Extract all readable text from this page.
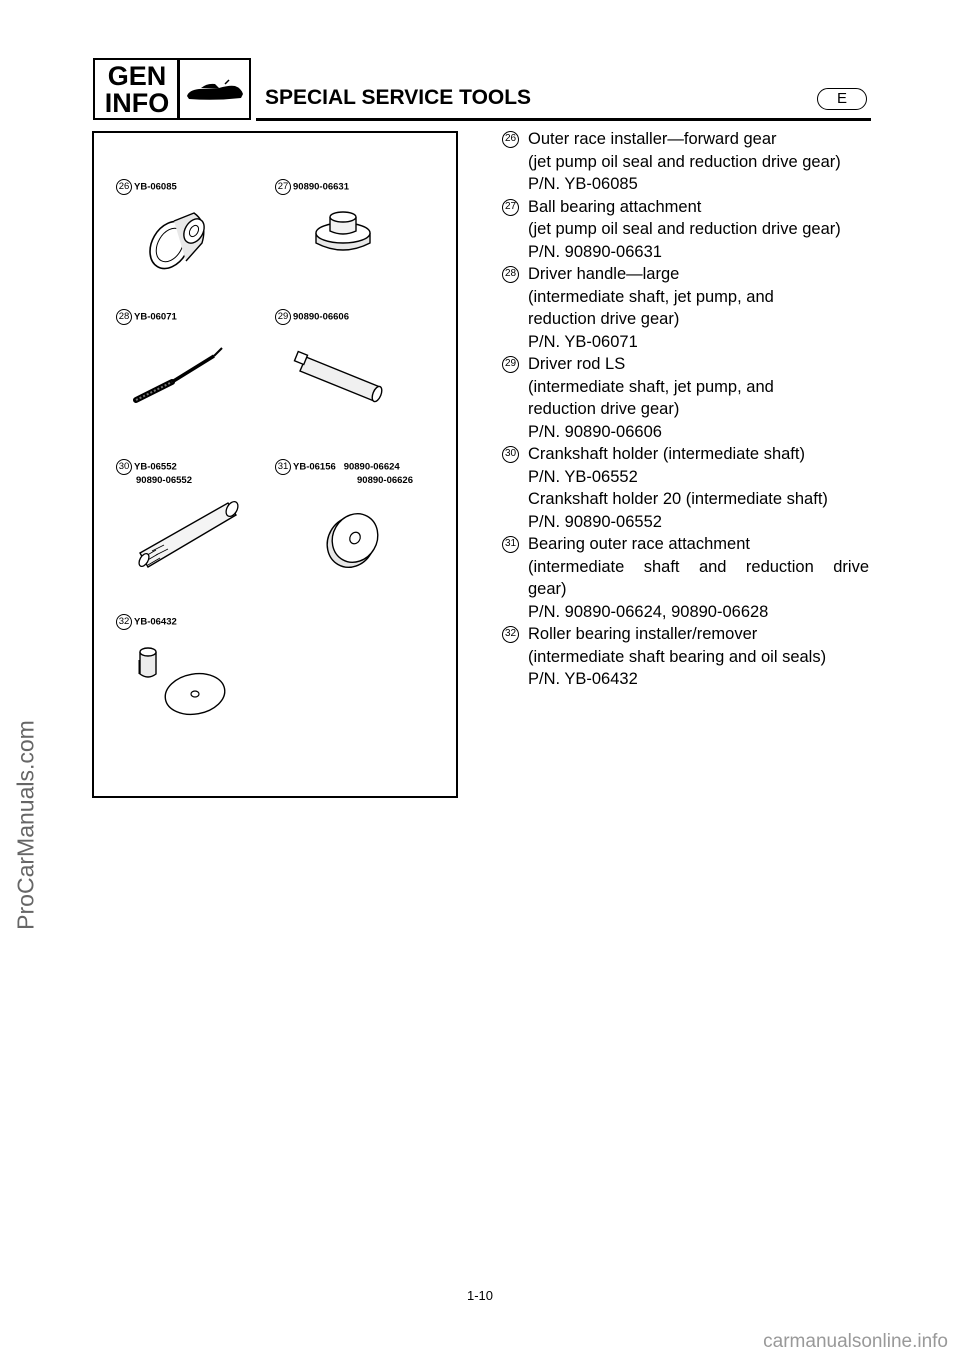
GEN
INFO	SPECIAL SERVICE TOOLS	E
ProCarManuals.com
26 YB-06085	27 90890-06631
28 YB-06071	29 90890-06606
30 YB-06552
90890-06552
31 YB-06156   90890-06624
90890-06626
32 YB-06432
26 Outer race installer—forward gear
(jet pump oil seal and reduction drive gear)
P/N. YB-06085
27 Ball bearing attachment
(jet pump oil seal and reduction drive gear)
P/N. 90890-06631
28 Driver handle—large
(intermediate shaft, jet pump, and
reduction drive gear)
P/N. YB-06071
29 Driver rod LS
(intermediate shaft, jet pump, and
reduction drive gear)
P/N. 90890-06606
30 Crankshaft holder (intermediate shaft)
P/N. YB-06552
Crankshaft holder 20 (intermediate shaft)
P/N. 90890-06552
31 Bearing outer race attachment
(intermediate shaft and reduction drive
gear)
P/N. 90890-06624, 90890-06628
32 Roller bearing installer/remover
(intermediate shaft bearing and oil seals)
P/N. YB-06432
1-10
carmanualsonline.info
